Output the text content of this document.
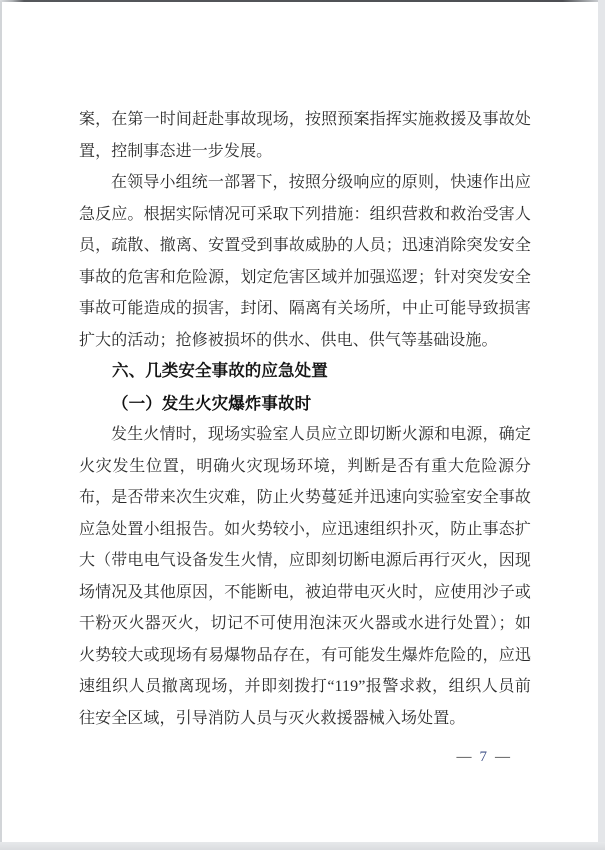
案，在第一时间赶赴事故现场，按照预案指挥实施救援及事故处置，控制事态进一步发展。

在领导小组统一部署下，按照分级响应的原则，快速作出应急反应。根据实际情况可采取下列措施：组织营救和救治受害人员，疏散、撤离、安置受到事故威胁的人员；迅速消除突发安全事故的危害和危险源，划定危害区域并加强巡逻；针对突发安全事故可能造成的损害，封闭、隔离有关场所，中止可能导致损害扩大的活动；抢修被损坏的供水、供电、供气等基础设施。

六、几类安全事故的应急处置
（一）发生火灾爆炸事故时

发生火情时，现场实验室人员应立即切断火源和电源，确定火灾发生位置，明确火灾现场环境，判断是否有重大危险源分布，是否带来次生灾难，防止火势蔓延并迅速向实验室安全事故应急处置小组报告。如火势较小，应迅速组织扑灭，防止事态扩大（带电电气设备发生火情，应即刻切断电源后再行灭火，因现场情况及其他原因，不能断电，被迫带电灭火时，应使用沙子或干粉灭火器灭火，切记不可使用泡沫灭火器或水进行处置）；如火势较大或现场有易爆物品存在，有可能发生爆炸危险的，应迅速组织人员撤离现场，并即刻拨打“119”报警求救，组织人员前往安全区域，引导消防人员与灭火救援器械入场处置。

— 7 —
